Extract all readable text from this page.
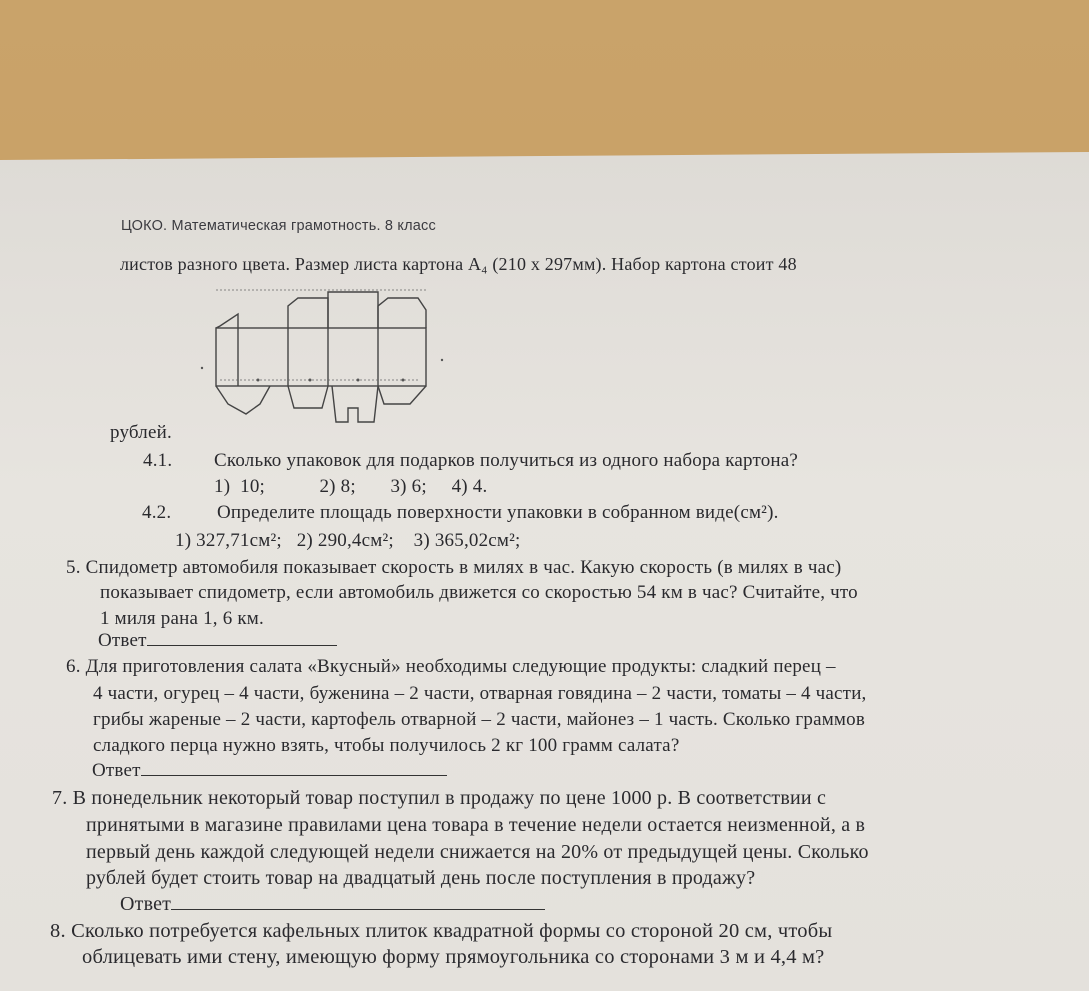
ЦОКО. Математическая грамотность. 8 класс
листов разного цвета. Размер листа картона А₄ (210 х 297мм). Набор картона стоит 48
рублей.
4.1. Сколько упаковок для подарков получиться из одного набора картона?
1)  10;           2) 8;       3) 6;     4) 4.
4.2. Определите площадь поверхности упаковки в собранном виде(см²).
1) 327,71см²;   2) 290,4см²;    3) 365,02см²;
5. Спидометр автомобиля показывает скорость в милях в час. Какую скорость (в милях в час)
показывает спидометр, если автомобиль движется со скоростью 54 км в час? Считайте, что
1 миля рана 1, 6 км.
Ответ
6. Для приготовления салата «Вкусный» необходимы следующие продукты: сладкий перец –
4 части, огурец – 4 части, буженина – 2 части, отварная говядина – 2 части, томаты – 4 части,
грибы жареные – 2 части, картофель отварной – 2 части, майонез – 1 часть. Сколько граммов
сладкого перца нужно взять, чтобы получилось 2 кг 100 грамм салата?
Ответ
7. В понедельник некоторый товар поступил в продажу по цене 1000 р. В соответствии с
принятыми в магазине правилами цена товара в течение недели остается неизменной, а в
первый день каждой следующей недели снижается на 20% от предыдущей цены. Сколько
рублей будет стоить товар на двадцатый день после поступления в продажу?
Ответ
8. Сколько потребуется кафельных плиток квадратной формы со стороной 20 см, чтобы
облицевать ими стену, имеющую форму прямоугольника со сторонами 3 м и 4,4 м?
